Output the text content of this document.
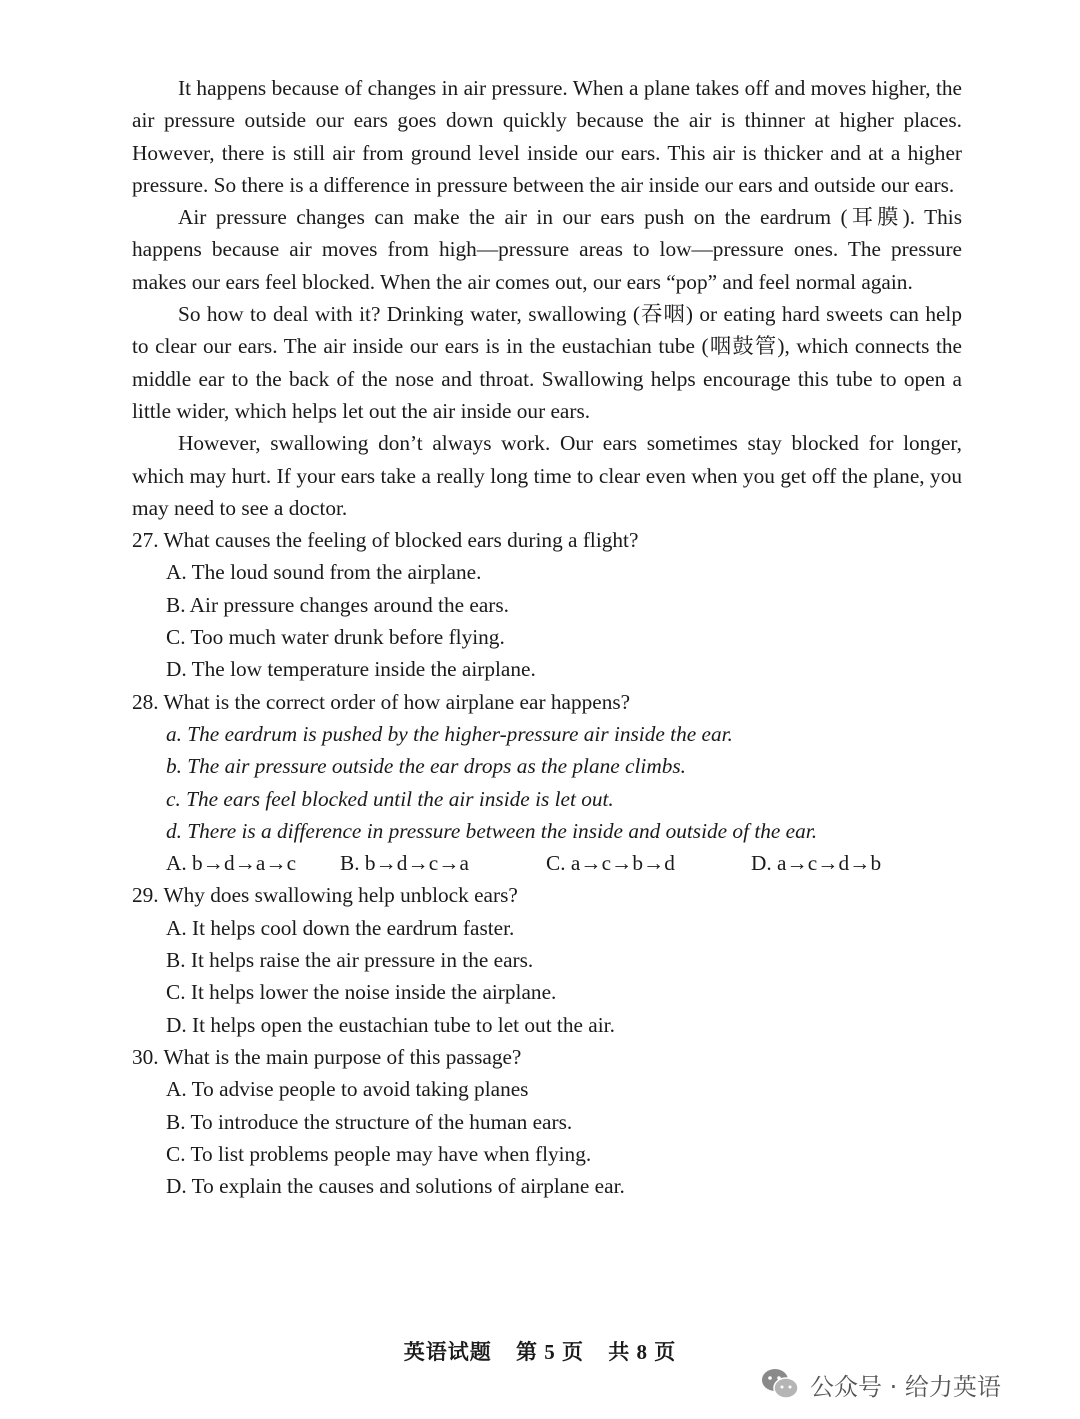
It happens because of changes in air pressure. When a plane takes off and moves higher, the air pressure outside our ears goes down quickly because the air is thinner at higher places. However, there is still air from ground level inside our ears. This air is thicker and at a higher pressure. So there is a difference in pressure between the air inside our ears and outside our ears.

Air pressure changes can make the air in our ears push on the eardrum (耳膜). This happens because air moves from high—pressure areas to low—pressure ones. The pressure makes our ears feel blocked. When the air comes out, our ears “pop” and feel normal again.

So how to deal with it? Drinking water, swallowing (吞咽) or eating hard sweets can help to clear our ears. The air inside our ears is in the eustachian tube (咽鼓管), which connects the middle ear to the back of the nose and throat. Swallowing helps encourage this tube to open a little wider, which helps let out the air inside our ears.

However, swallowing don’t always work. Our ears sometimes stay blocked for longer, which may hurt. If your ears take a really long time to clear even when you get off the plane, you may need to see a doctor.

27. What causes the feeling of blocked ears during a flight?

A. The loud sound from the airplane.

B. Air pressure changes around the ears.

C. Too much water drunk before flying.

D. The low temperature inside the airplane.

28. What is the correct order of how airplane ear happens?

a. The eardrum is pushed by the higher-pressure air inside the ear.

b. The air pressure outside the ear drops as the plane climbs.

c. The ears feel blocked until the air inside is let out.

d. There is a difference in pressure between the inside and outside of the ear.

A. b→d→a→c	B. b→d→c→a	C. a→c→b→d	D. a→c→d→b

29. Why does swallowing help unblock ears?

A. It helps cool down the eardrum faster.

B. It helps raise the air pressure in the ears.

C. It helps lower the noise inside the airplane.

D. It helps open the eustachian tube to let out the air.

30. What is the main purpose of this passage?

A. To advise people to avoid taking planes

B. To introduce the structure of the human ears.

C. To list problems people may have when flying.

D. To explain the causes and solutions of airplane ear.

英语试题 第 5 页 共 8 页
公众号 · 给力英语
